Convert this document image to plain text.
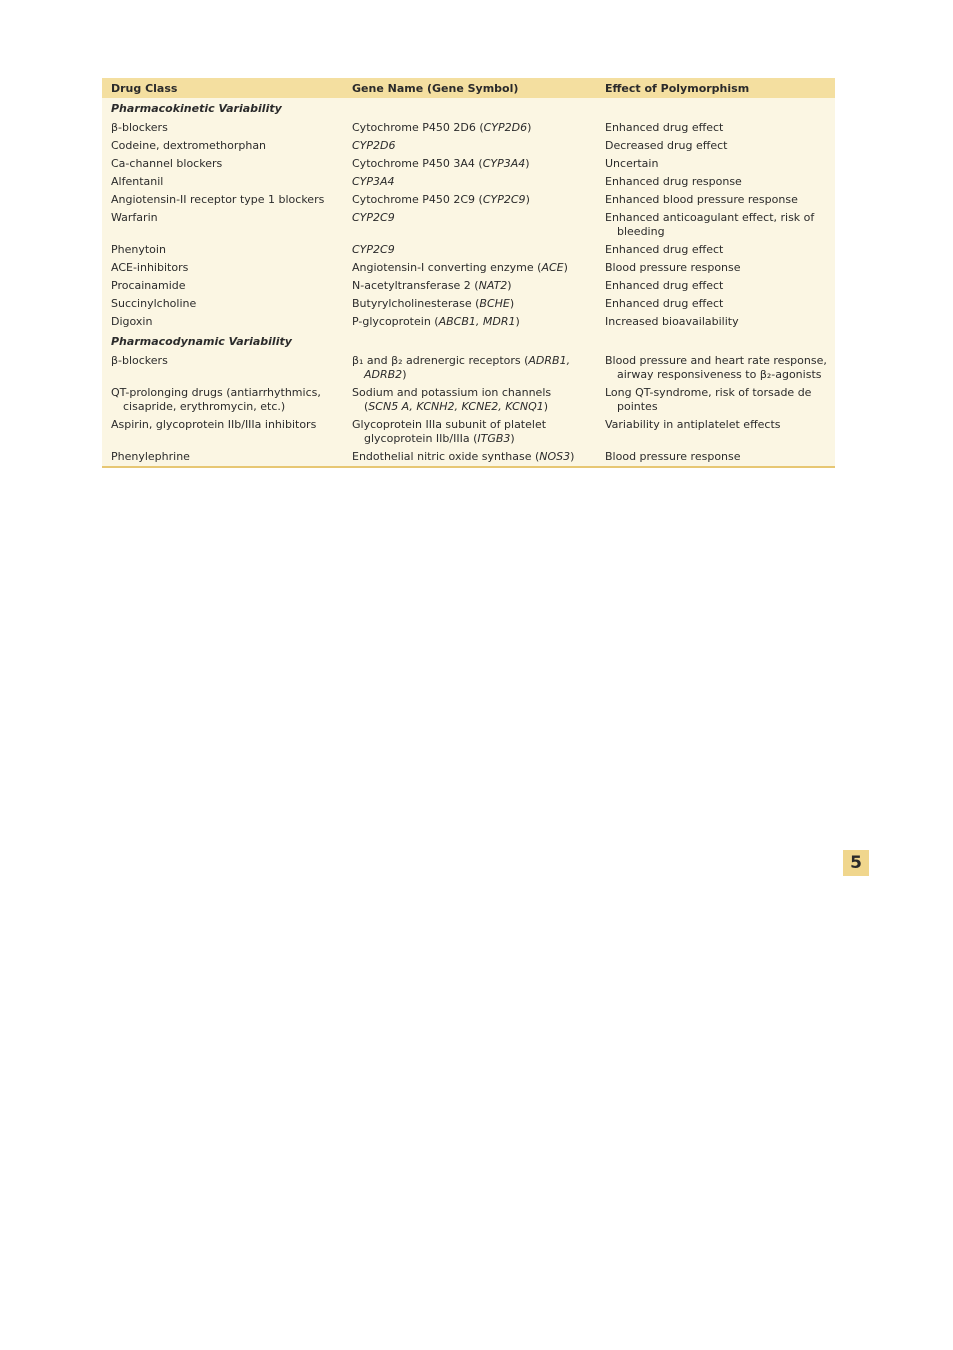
Drug Class	Gene Name (Gene Symbol)	Effect of Polymorphism
Pharmacokinetic Variability		

β-blockers	Cytochrome P450 2D6 (CYP2D6)	Enhanced drug effect

Codeine, dextromethorphan	CYP2D6	Decreased drug effect

Ca-channel blockers	Cytochrome P450 3A4 (CYP3A4)	Uncertain

Alfentanil	CYP3A4	Enhanced drug response

Angiotensin-II receptor type 1 blockers	Cytochrome P450 2C9 (CYP2C9)	Enhanced blood pressure response

Warfarin	CYP2C9	Enhanced anticoagulant effect, risk of bleeding

Phenytoin	CYP2C9	Enhanced drug effect

ACE-inhibitors	Angiotensin-I converting enzyme (ACE)	Blood pressure response

Procainamide	N-acetyltransferase 2 (NAT2)	Enhanced drug effect

Succinylcholine	Butyrylcholinesterase (BCHE)	Enhanced drug effect

Digoxin	P-glycoprotein (ABCB1, MDR1)	Increased bioavailability

Pharmacodynamic Variability		

β-blockers	β₁ and β₂ adrenergic receptors (ADRB1, ADRB2)	Blood pressure and heart rate response, airway responsiveness to β₂-agonists

QT-prolonging drugs (antiarrhythmics, cisapride, erythromycin, etc.)	Sodium and potassium ion channels (SCN5 A, KCNH2, KCNE2, KCNQ1)	Long QT-syndrome, risk of torsade de pointes

Aspirin, glycoprotein IIb/IIIa inhibitors	Glycoprotein IIIa subunit of platelet glycoprotein IIb/IIIa (ITGB3)	Variability in antiplatelet effects

Phenylephrine	Endothelial nitric oxide synthase (NOS3)	Blood pressure response
5
